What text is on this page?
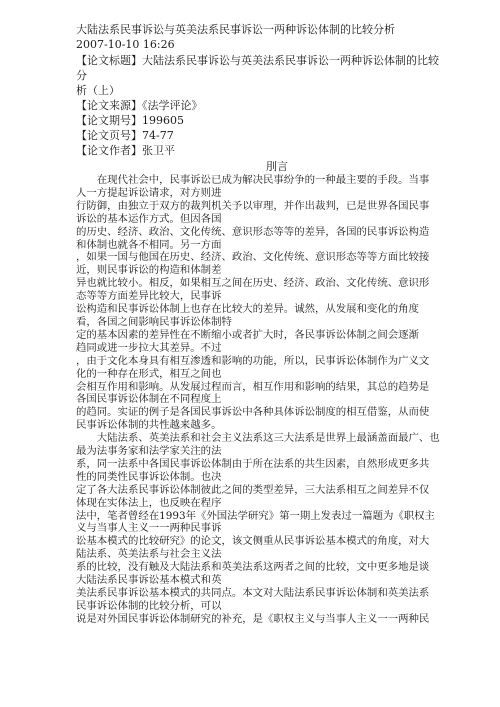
大陆法系民事诉讼与英美法系民事诉讼一两种诉讼体制的比较分析
2007-10-10 16:26
【论文标题】大陆法系民事诉讼与英美法系民事诉讼一两种诉讼体制的比较分
析（上）
【论文来源】《法学评论》
【论文期号】199605
【论文页号】74-77
【论文作者】张卫平
刖言
　　在现代社会中，民事诉讼已成为解决民事纷争的一种最主要的手段。当事
人一方提起诉讼请求，对方则进
行防御，由独立于双方的裁判机关予以审理，并作出裁判，已是世界各国民事
诉讼的基本运作方式。但因各国
的历史、经济、政治、文化传统、意识形态等等的差异，各国的民事诉讼构造
和体制也就各不相同。另一方面
，如果一国与他国在历史、经济、政治、文化传统、意识形态等等方面比较接
近，则民事诉讼的构造和体制差
异也就比较小。相反，如果相互之间在历史、经济、政治、文化传统、意识形
态等等方面差异比较大，民事诉
讼构造和民事诉讼体制上也存在比较大的差异。诚然，从发展和变化的角度
看，各国之间影响民事诉讼体制特
定的基本因素的差异性在不断缩小或者扩大时，各民事诉讼体制之间会逐渐
趋同或进一步拉大其差异。不过
，由于文化本身具有相互渗透和影响的功能，所以，民事诉讼体制作为广义文
化的一种存在形式，相互之间也
会相互作用和影响。从发展过程而言，相互作用和影响的结果，其总的趋势是
各国民事诉讼体制在不同程度上
的趋同。实证的例子是各国民事诉讼中各种具体诉讼制度的相互借鉴，从而使
民事诉讼体制的共性越来越多。
　　大陆法系、英美法系和社会主义法系这三大法系是世界上最涵盖面最广、也
最为法事务家和法学家关注的法
系，同一法系中各国民事诉讼体制由于所在法系的共生因素，自然形成更多共
性的同类性民事诉讼体制。也决
定了各大法系民事诉讼体制彼此之间的类型差异，三大法系相互之间差异不仅
体现在实体法上，也反映在程序
法中，笔者曾经在1993年《外国法学研究》第一期上发表过一篇题为《职权主
义与当事人主义一一两种民事诉
讼基本模式的比较研究》的论文，该文侧重从民事诉讼基本模式的角度，对大
陆法系、英美法系与社会主义法
系的比较，没有触及大陆法系和英美法系这两者之间的比较，文中更多地是谈
大陆法系民事诉讼基本模式和英
美法系民事诉讼基本模式的共同点。本文对大陆法系民事诉讼体制和英美法系
民事诉讼体制的比较分析，可以
说是对外国民事诉讼体制研究的补充，是《职权主义与当事人主义一一两种民
